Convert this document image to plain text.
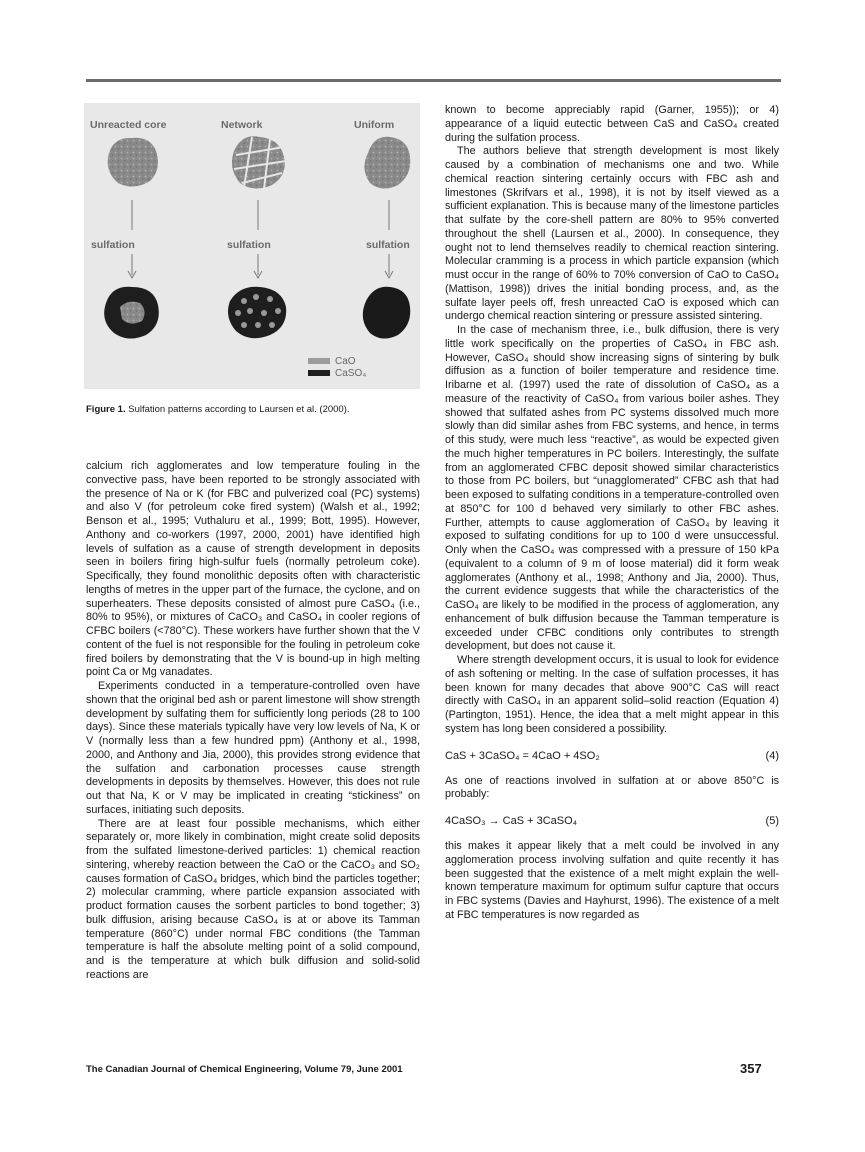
Unreacted core	Network	Uniform
sulfation	sulfation	sulfation
CaO
CaSO₄
Figure 1. Sulfation patterns according to Laursen et al. (2000).

calcium rich agglomerates and low temperature fouling in the convective pass, have been reported to be strongly associated with the presence of Na or K (for FBC and pulverized coal (PC) systems) and also V (for petroleum coke fired system) (Walsh et al., 1992; Benson et al., 1995; Vuthaluru et al., 1999; Bott, 1995). However, Anthony and co-workers (1997, 2000, 2001) have identified high levels of sulfation as a cause of strength development in deposits seen in boilers firing high-sulfur fuels (normally petroleum coke). Specifically, they found monolithic deposits often with characteristic lengths of metres in the upper part of the furnace, the cyclone, and on superheaters. These deposits consisted of almost pure CaSO₄ (i.e., 80% to 95%), or mixtures of CaCO₃ and CaSO₄ in cooler regions of CFBC boilers (<780°C). These workers have further shown that the V content of the fuel is not responsible for the fouling in petroleum coke fired boilers by demonstrating that the V is bound-up in high melting point Ca or Mg vanadates.

Experiments conducted in a temperature-controlled oven have shown that the original bed ash or parent limestone will show strength development by sulfating them for sufficiently long periods (28 to 100 days). Since these materials typically have very low levels of Na, K or V (normally less than a few hundred ppm) (Anthony et al., 1998, 2000, and Anthony and Jia, 2000), this provides strong evidence that the sulfation and carbonation processes cause strength developments in deposits by themselves. However, this does not rule out that Na, K or V may be implicated in creating “stickiness” on surfaces, initiating such deposits.

There are at least four possible mechanisms, which either separately or, more likely in combination, might create solid deposits from the sulfated limestone-derived particles: 1) chemical reaction sintering, whereby reaction between the CaO or the CaCO₃ and SO₂ causes formation of CaSO₄ bridges, which bind the particles together; 2) molecular cramming, where particle expansion associated with product formation causes the sorbent particles to bond together; 3) bulk diffusion, arising because CaSO₄ is at or above its Tamman temperature (860°C) under normal FBC conditions (the Tamman temperature is half the absolute melting point of a solid compound, and is the temperature at which bulk diffusion and solid-solid reactions are

known to become appreciably rapid (Garner, 1955)); or 4) appearance of a liquid eutectic between CaS and CaSO₄ created during the sulfation process.

The authors believe that strength development is most likely caused by a combination of mechanisms one and two. While chemical reaction sintering certainly occurs with FBC ash and limestones (Skrifvars et al., 1998), it is not by itself viewed as a sufficient explanation. This is because many of the limestone particles that sulfate by the core-shell pattern are 80% to 95% converted throughout the shell (Laursen et al., 2000). In consequence, they ought not to lend themselves readily to chemical reaction sintering. Molecular cramming is a process in which particle expansion (which must occur in the range of 60% to 70% conversion of CaO to CaSO₄ (Mattison, 1998)) drives the initial bonding process, and, as the sulfate layer peels off, fresh unreacted CaO is exposed which can undergo chemical reaction sintering or pressure assisted sintering.

In the case of mechanism three, i.e., bulk diffusion, there is very little work specifically on the properties of CaSO₄ in FBC ash. However, CaSO₄ should show increasing signs of sintering by bulk diffusion as a function of boiler temperature and residence time. Iribarne et al. (1997) used the rate of dissolution of CaSO₄ as a measure of the reactivity of CaSO₄ from various boiler ashes. They showed that sulfated ashes from PC systems dissolved much more slowly than did similar ashes from FBC systems, and hence, in terms of this study, were much less “reactive”, as would be expected given the much higher temperatures in PC boilers. Interestingly, the sulfate from an agglomerated CFBC deposit showed similar characteristics to those from PC boilers, but “unagglomerated” CFBC ash that had been exposed to sulfating conditions in a temperature-controlled oven at 850°C for 100 d behaved very similarly to other FBC ashes. Further, attempts to cause agglomeration of CaSO₄ by leaving it exposed to sulfating conditions for up to 100 d were unsuccessful. Only when the CaSO₄ was compressed with a pressure of 150 kPa (equivalent to a column of 9 m of loose material) did it form weak agglomerates (Anthony et al., 1998; Anthony and Jia, 2000). Thus, the current evidence suggests that while the characteristics of the CaSO₄ are likely to be modified in the process of agglomeration, any enhancement of bulk diffusion because the Tamman temperature is exceeded under CFBC conditions only contributes to strength development, but does not cause it.

Where strength development occurs, it is usual to look for evidence of ash softening or melting. In the case of sulfation processes, it has been known for many decades that above 900°C CaS will react directly with CaSO₄ in an apparent solid–solid reaction (Equation 4) (Partington, 1951). Hence, the idea that a melt might appear in this system has long been considered a possibility.

CaS + 3CaSO₄ = 4CaO + 4SO₂	(4)

As one of reactions involved in sulfation at or above 850°C is probably:

4CaSO₃ → CaS + 3CaSO₄	(5)

this makes it appear likely that a melt could be involved in any agglomeration process involving sulfation and quite recently it has been suggested that the existence of a melt might explain the well-known temperature maximum for optimum sulfur capture that occurs in FBC systems (Davies and Hayhurst, 1996). The existence of a melt at FBC temperatures is now regarded as

The Canadian Journal of Chemical Engineering, Volume 79, June 2001	357
